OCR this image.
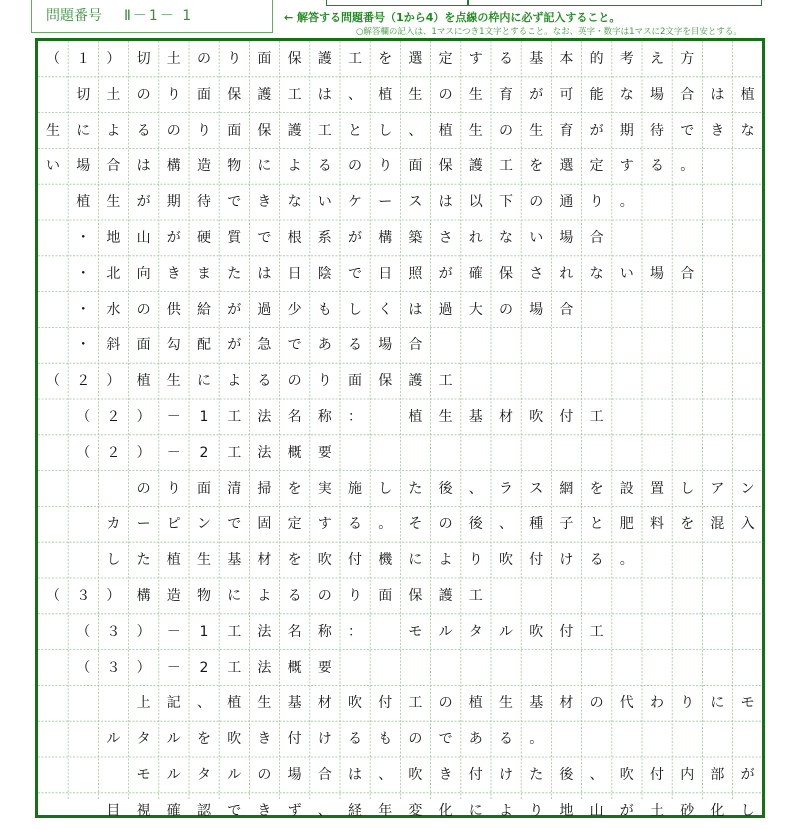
問題番号 Ⅱ－1－ 1	← 解答する問題番号（1から4）を点線の枠内に必ず記入すること。
○解答欄の記入は、1マスにつき1文字とすること。なお、英字・数字は1マスに2文字を目安とする。
（	１	）	切	土	の	り	面	保	護	工	を	選	定	す	る	基	本	的	考	え	方
切	土	の	り	面	保	護	工	は	、	植	生	の	生	育	が	可	能	な	場	合	は	植
生	に	よ	る	の	り	面	保	護	工	と	し	、	植	生	の	生	育	が	期	待	で	き	な
い	場	合	は	構	造	物	に	よ	る	の	り	面	保	護	工	を	選	定	す	る	。
植	生	が	期	待	で	き	な	い	ケ	ー	ス	は	以	下	の	通	り	。
・	地	山	が	硬	質	で	根	系	が	構	築	さ	れ	な	い	場	合
・	北	向	き	ま	た	は	日	陰	で	日	照	が	確	保	さ	れ	な	い	場	合
・	水	の	供	給	が	過	少	も	し	く	は	過	大	の	場	合
・	斜	面	勾	配	が	急	で	あ	る	場	合
（	２	）	植	生	に	よ	る	の	り	面	保	護	工
（	２	）	－	1	工	法	名	称	：	植	生	基	材	吹	付	工
（	２	）	－	2	工	法	概	要
の	り	面	清	掃	を	実	施	し	た	後	、	ラ	ス	網	を	設	置	し	ア	ン
カ	ー	ピ	ン	で	固	定	す	る	。	そ	の	後	、	種	子	と	肥	料	を	混	入
し	た	植	生	基	材	を	吹	付	機	に	よ	り	吹	付	け	る	。
（	３	）	構	造	物	に	よ	る	の	り	面	保	護	工
（	３	）	－	1	工	法	名	称	：	モ	ル	タ	ル	吹	付	工
（	３	）	－	2	工	法	概	要
上	記	、	植	生	基	材	吹	付	工	の	植	生	基	材	の	代	わ	り	に	モ
ル	タ	ル	を	吹	き	付	け	る	も	の	で	あ	る	。
モ	ル	タ	ル	の	場	合	は	、	吹	き	付	け	た	後	、	吹	付	内	部	が
目	視	確	認	で	き	ず	、	経	年	変	化	に	よ	り	地	山	が	土	砂	化	し
